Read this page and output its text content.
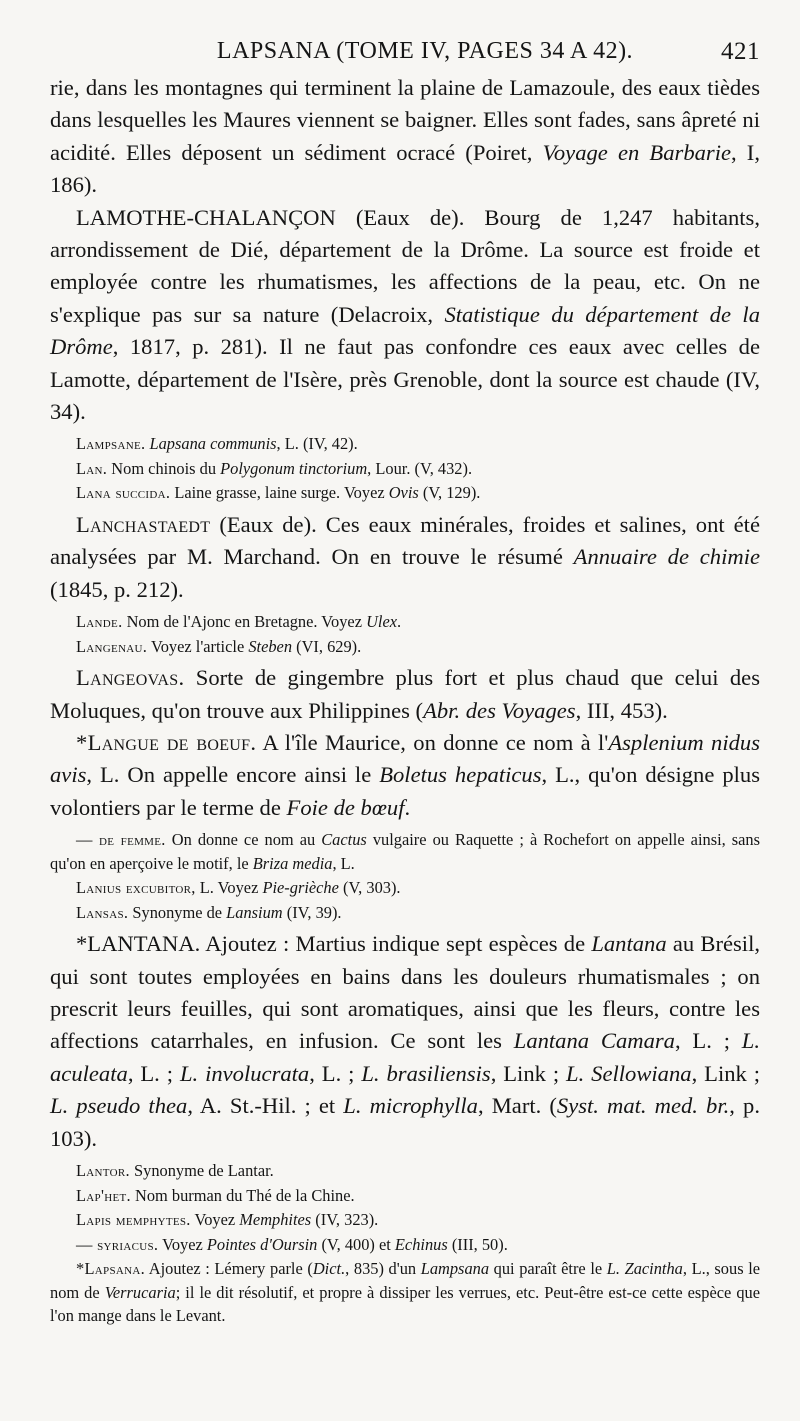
LAPSANA (TOME IV, PAGES 34 A 42).	421

rie, dans les montagnes qui terminent la plaine de Lamazoule, des eaux tièdes dans lesquelles les Maures viennent se baigner. Elles sont fades, sans âpreté ni acidité. Elles déposent un sédiment ocracé (Poiret, Voyage en Barbarie, I, 186).

LAMOTHE-CHALANÇON (Eaux de). Bourg de 1,247 habitants, arrondissement de Dié, département de la Drôme. La source est froide et employée contre les rhumatismes, les affections de la peau, etc. On ne s'explique pas sur sa nature (Delacroix, Statistique du département de la Drôme, 1817, p. 281). Il ne faut pas confondre ces eaux avec celles de Lamotte, département de l'Isère, près Grenoble, dont la source est chaude (IV, 34).

Lampsane. Lapsana communis, L. (IV, 42).

Lan. Nom chinois du Polygonum tinctorium, Lour. (V, 432).

Lana succida. Laine grasse, laine surge. Voyez Ovis (V, 129).

Lanchastaedt (Eaux de). Ces eaux minérales, froides et salines, ont été analysées par M. Marchand. On en trouve le résumé Annuaire de chimie (1845, p. 212).

Lande. Nom de l'Ajonc en Bretagne. Voyez Ulex.

Langenau. Voyez l'article Steben (VI, 629).

Langeovas. Sorte de gingembre plus fort et plus chaud que celui des Moluques, qu'on trouve aux Philippines (Abr. des Voyages, III, 453).

*Langue de boeuf. A l'île Maurice, on donne ce nom à l'Asplenium nidus avis, L. On appelle encore ainsi le Boletus hepaticus, L., qu'on désigne plus volontiers par le terme de Foie de bœuf.

— de femme. On donne ce nom au Cactus vulgaire ou Raquette ; à Rochefort on appelle ainsi, sans qu'on en aperçoive le motif, le Briza media, L.

Lanius excubitor, L. Voyez Pie-grièche (V, 303).

Lansas. Synonyme de Lansium (IV, 39).

*LANTANA. Ajoutez : Martius indique sept espèces de Lantana au Brésil, qui sont toutes employées en bains dans les douleurs rhumatismales ; on prescrit leurs feuilles, qui sont aromatiques, ainsi que les fleurs, contre les affections catarrhales, en infusion. Ce sont les Lantana Camara, L. ; L. aculeata, L. ; L. involucrata, L. ; L. brasiliensis, Link ; L. Sellowiana, Link ; L. pseudo thea, A. St.-Hil. ; et L. microphylla, Mart. (Syst. mat. med. br., p. 103).

Lantor. Synonyme de Lantar.

Lap'het. Nom burman du Thé de la Chine.

Lapis memphytes. Voyez Memphites (IV, 323).

— syriacus. Voyez Pointes d'Oursin (V, 400) et Echinus (III, 50).

*Lapsana. Ajoutez : Lémery parle (Dict., 835) d'un Lampsana qui paraît être le L. Zacintha, L., sous le nom de Verrucaria; il le dit résolutif, et propre à dissiper les verrues, etc. Peut-être est-ce cette espèce que l'on mange dans le Levant.
